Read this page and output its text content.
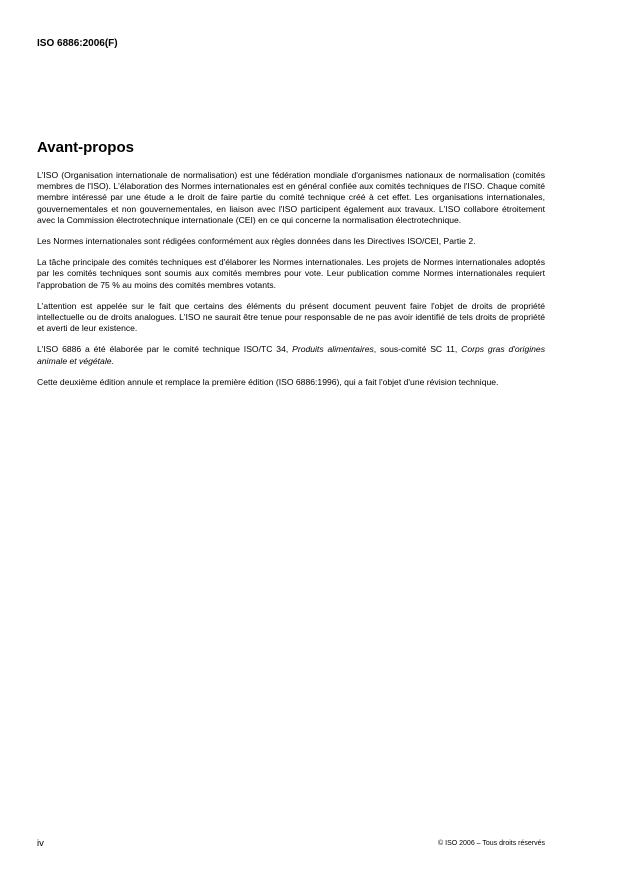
ISO 6886:2006(F)
Avant-propos

L'ISO (Organisation internationale de normalisation) est une fédération mondiale d'organismes nationaux de normalisation (comités membres de l'ISO). L'élaboration des Normes internationales est en général confiée aux comités techniques de l'ISO. Chaque comité membre intéressé par une étude a le droit de faire partie du comité technique créé à cet effet. Les organisations internationales, gouvernementales et non gouvernementales, en liaison avec l'ISO participent également aux travaux. L'ISO collabore étroitement avec la Commission électrotechnique internationale (CEI) en ce qui concerne la normalisation électrotechnique.

Les Normes internationales sont rédigées conformément aux règles données dans les Directives ISO/CEI, Partie 2.

La tâche principale des comités techniques est d'élaborer les Normes internationales. Les projets de Normes internationales adoptés par les comités techniques sont soumis aux comités membres pour vote. Leur publication comme Normes internationales requiert l'approbation de 75 % au moins des comités membres votants.

L'attention est appelée sur le fait que certains des éléments du présent document peuvent faire l'objet de droits de propriété intellectuelle ou de droits analogues. L'ISO ne saurait être tenue pour responsable de ne pas avoir identifié de tels droits de propriété et averti de leur existence.

L'ISO 6886 a été élaborée par le comité technique ISO/TC 34, Produits alimentaires, sous-comité SC 11, Corps gras d'origines animale et végétale.

Cette deuxième édition annule et remplace la première édition (ISO 6886:1996), qui a fait l'objet d'une révision technique.

iv	© ISO 2006 – Tous droits réservés
